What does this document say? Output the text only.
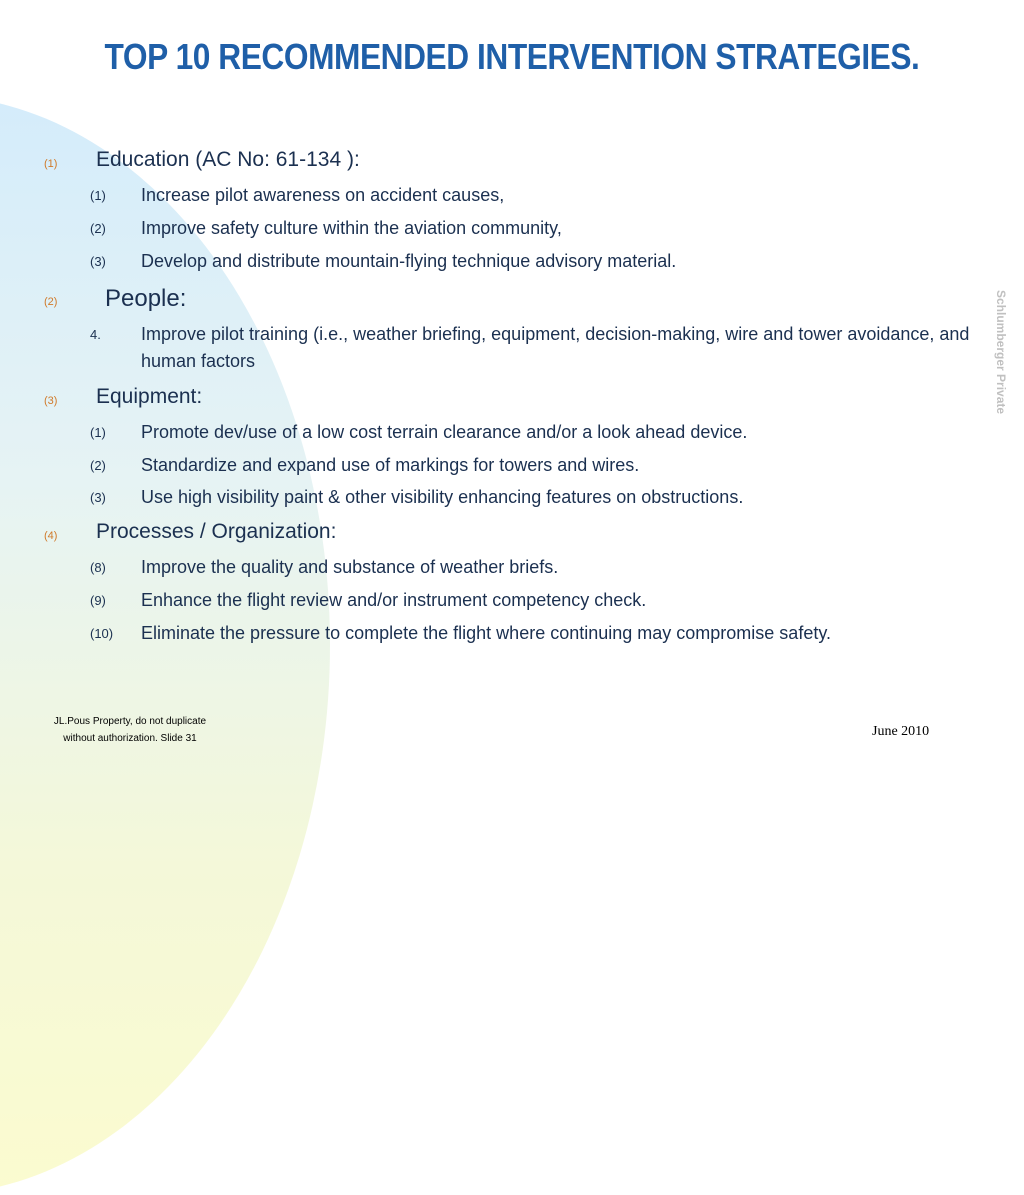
TOP 10 RECOMMENDED INTERVENTION STRATEGIES.
(1) Education (AC No: 61-134 ):
(1) Increase pilot awareness on accident causes,
(2) Improve safety culture within the aviation community,
(3) Develop and distribute mountain-flying technique advisory material.
(2) People:
4. Improve pilot training (i.e., weather briefing, equipment, decision-making, wire and tower avoidance, and human factors
(3) Equipment:
(1) Promote dev/use of a low cost terrain clearance and/or a look ahead device.
(2) Standardize and expand use of markings for towers and wires.
(3) Use high visibility paint & other visibility enhancing features on obstructions.
(4) Processes / Organization:
(8) Improve the quality and substance of weather briefs.
(9) Enhance the flight review and/or instrument competency check.
(10) Eliminate the pressure to complete the flight where continuing may compromise safety.
Schlumberger Private
JL.Pous Property, do not duplicate
without authorization. Slide 31	June 2010
